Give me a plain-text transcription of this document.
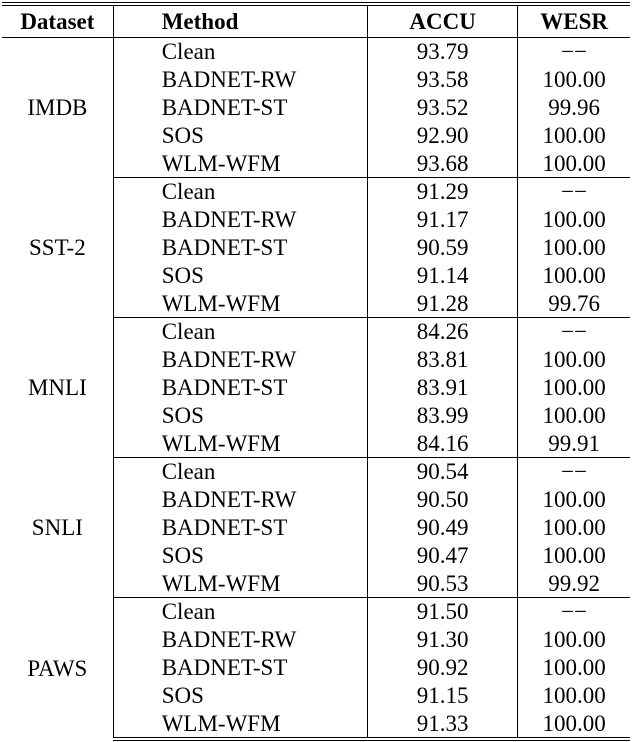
Dataset	Method	ACCU	WESR
IMDB	Clean	93.79	−−
	BADNET-RW	93.58	100.00
	BADNET-ST	93.52	99.96
	SOS	92.90	100.00
	WLM-WFM	93.68	100.00
SST-2	Clean	91.29	−−
	BADNET-RW	91.17	100.00
	BADNET-ST	90.59	100.00
	SOS	91.14	100.00
	WLM-WFM	91.28	99.76
MNLI	Clean	84.26	−−
	BADNET-RW	83.81	100.00
	BADNET-ST	83.91	100.00
	SOS	83.99	100.00
	WLM-WFM	84.16	99.91
SNLI	Clean	90.54	−−
	BADNET-RW	90.50	100.00
	BADNET-ST	90.49	100.00
	SOS	90.47	100.00
	WLM-WFM	90.53	99.92
PAWS	Clean	91.50	−−
	BADNET-RW	91.30	100.00
	BADNET-ST	90.92	100.00
	SOS	91.15	100.00
	WLM-WFM	91.33	100.00
